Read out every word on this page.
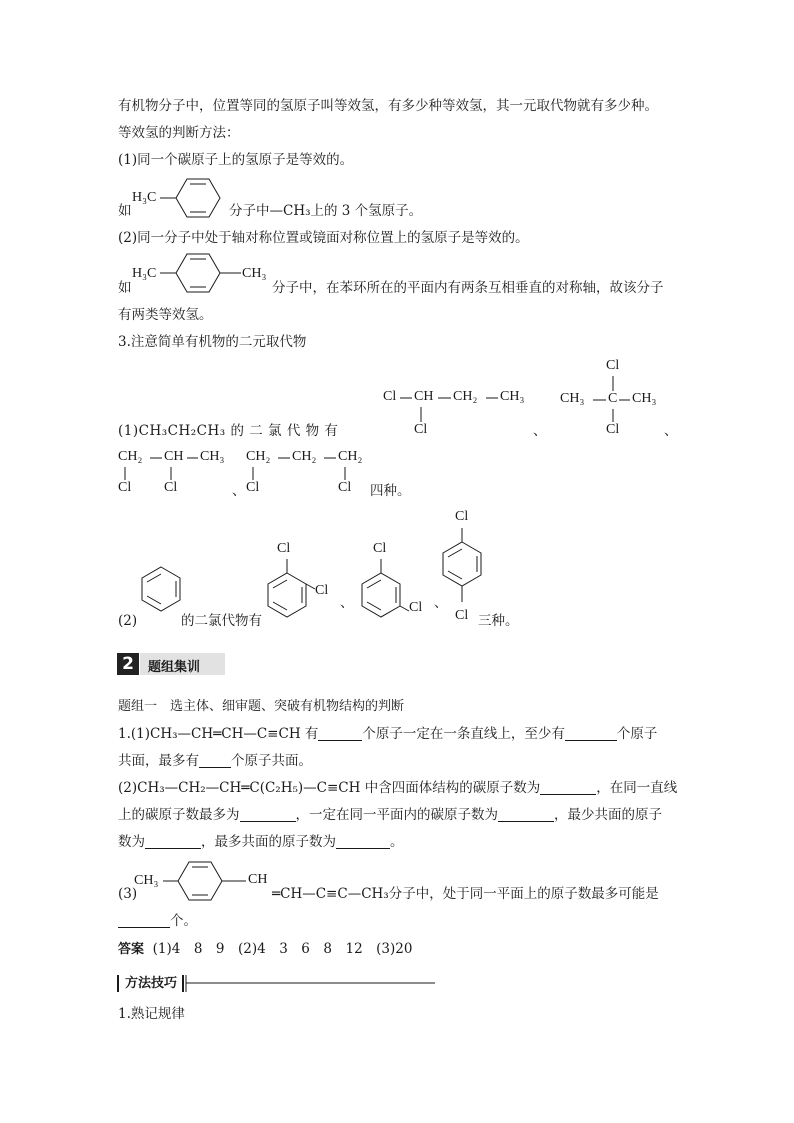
有机物分子中，位置等同的氢原子叫等效氢，有多少种等效氢，其一元取代物就有多少种。
等效氢的判断方法：
(1)同一个碳原子上的氢原子是等效的。
如
H₃C
分子中—CH₃上的 3 个氢原子。
(2)同一分子中处于轴对称位置或镜面对称位置上的氢原子是等效的。
如
H₃C	CH₃
分子中，在苯环所在的平面内有两条互相垂直的对称轴，故该分子
有两类等效氢。
3.注意简单有机物的二元取代物
Cl CH CH₂ CH₃
Cl
Cl
CH₃ C CH₃
Cl
(1)CH₃CH₂CH₃ 的 二 氯 代 物 有	、	、
CH₂ CH CH₃
Cl Cl	、
CH₂ CH₂ CH₂
Cl	Cl 四种。
(2)	的二氯代物有
Cl
Cl
、
Cl
Cl 、
Cl
Cl 三种。
2	题组集训
题组一　选主体、细审题、突破有机物结构的判断
1.(1)CH₃—CH═CH—C≡CH 有	个原子一定在一条直线上，至少有	个原子
共面，最多有 个原子共面。
(2)CH₃—CH₂—CH═C(C₂H₅)—C≡CH 中含四面体结构的碳原子数为	，在同一直线
上的碳原子数最多为	，一定在同一平面内的碳原子数为	，最少共面的原子
数为	，最多共面的原子数为	。
(3)
CH₃	CH
═CH—C≡C—CH₃分子中，处于同一平面上的原子数最多可能是
个。
答案 (1)4　8　9　(2)4　3　6　8　12　(3)20
方法技巧
1.熟记规律
